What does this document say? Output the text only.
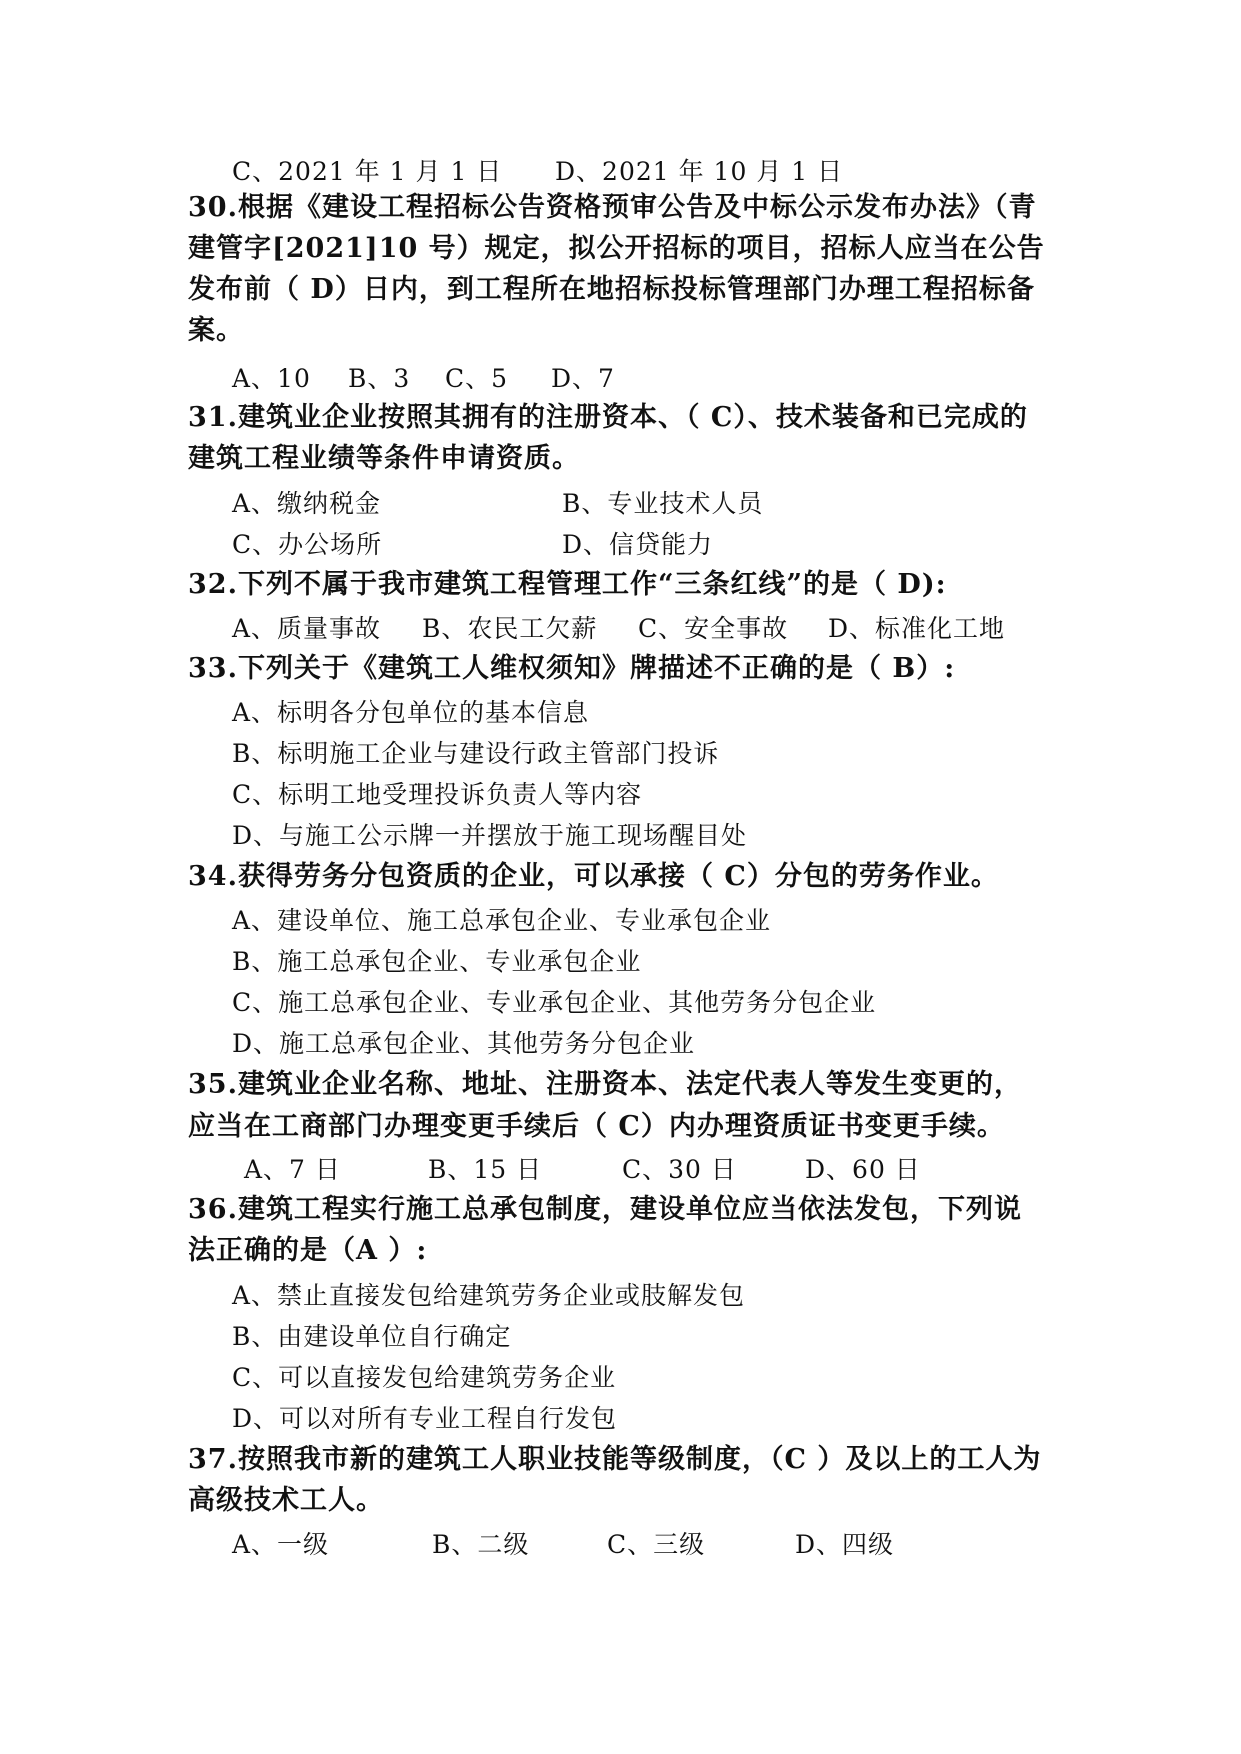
C、2021 年 1 月 1 日 D、2021 年 10 月 1 日
30.根据《建设工程招标公告资格预审公告及中标公示发布办法》（青
建管字[2021]10 号）规定，拟公开招标的项目，招标人应当在公告
发布前（ D）日内，到工程所在地招标投标管理部门办理工程招标备
案。
A、10 B、3 C、5 D、7
31.建筑业企业按照其拥有的注册资本、（ C）、技术装备和已完成的
建筑工程业绩等条件申请资质。
A、缴纳税金	B、专业技术人员
C、办公场所	D、信贷能力
32.下列不属于我市建筑工程管理工作“三条红线”的是（ D):
A、质量事故 B、农民工欠薪 C、安全事故 D、标准化工地
33.下列关于《建筑工人维权须知》牌描述不正确的是（ B）:
A、标明各分包单位的基本信息
B、标明施工企业与建设行政主管部门投诉
C、标明工地受理投诉负责人等内容
D、与施工公示牌一并摆放于施工现场醒目处
34.获得劳务分包资质的企业，可以承接（ C）分包的劳务作业。
A、建设单位、施工总承包企业、专业承包企业
B、施工总承包企业、专业承包企业
C、施工总承包企业、专业承包企业、其他劳务分包企业
D、施工总承包企业、其他劳务分包企业
35.建筑业企业名称、地址、注册资本、法定代表人等发生变更的，
应当在工商部门办理变更手续后（ C）内办理资质证书变更手续。
A、7 日	B、15 日	C、30 日	D、60 日
36.建筑工程实行施工总承包制度，建设单位应当依法发包，下列说
法正确的是（A ）:
A、禁止直接发包给建筑劳务企业或肢解发包
B、由建设单位自行确定
C、可以直接发包给建筑劳务企业
D、可以对所有专业工程自行发包
37.按照我市新的建筑工人职业技能等级制度，（C ）及以上的工人为
高级技术工人。
A、一级	B、二级	C、三级	D、四级
